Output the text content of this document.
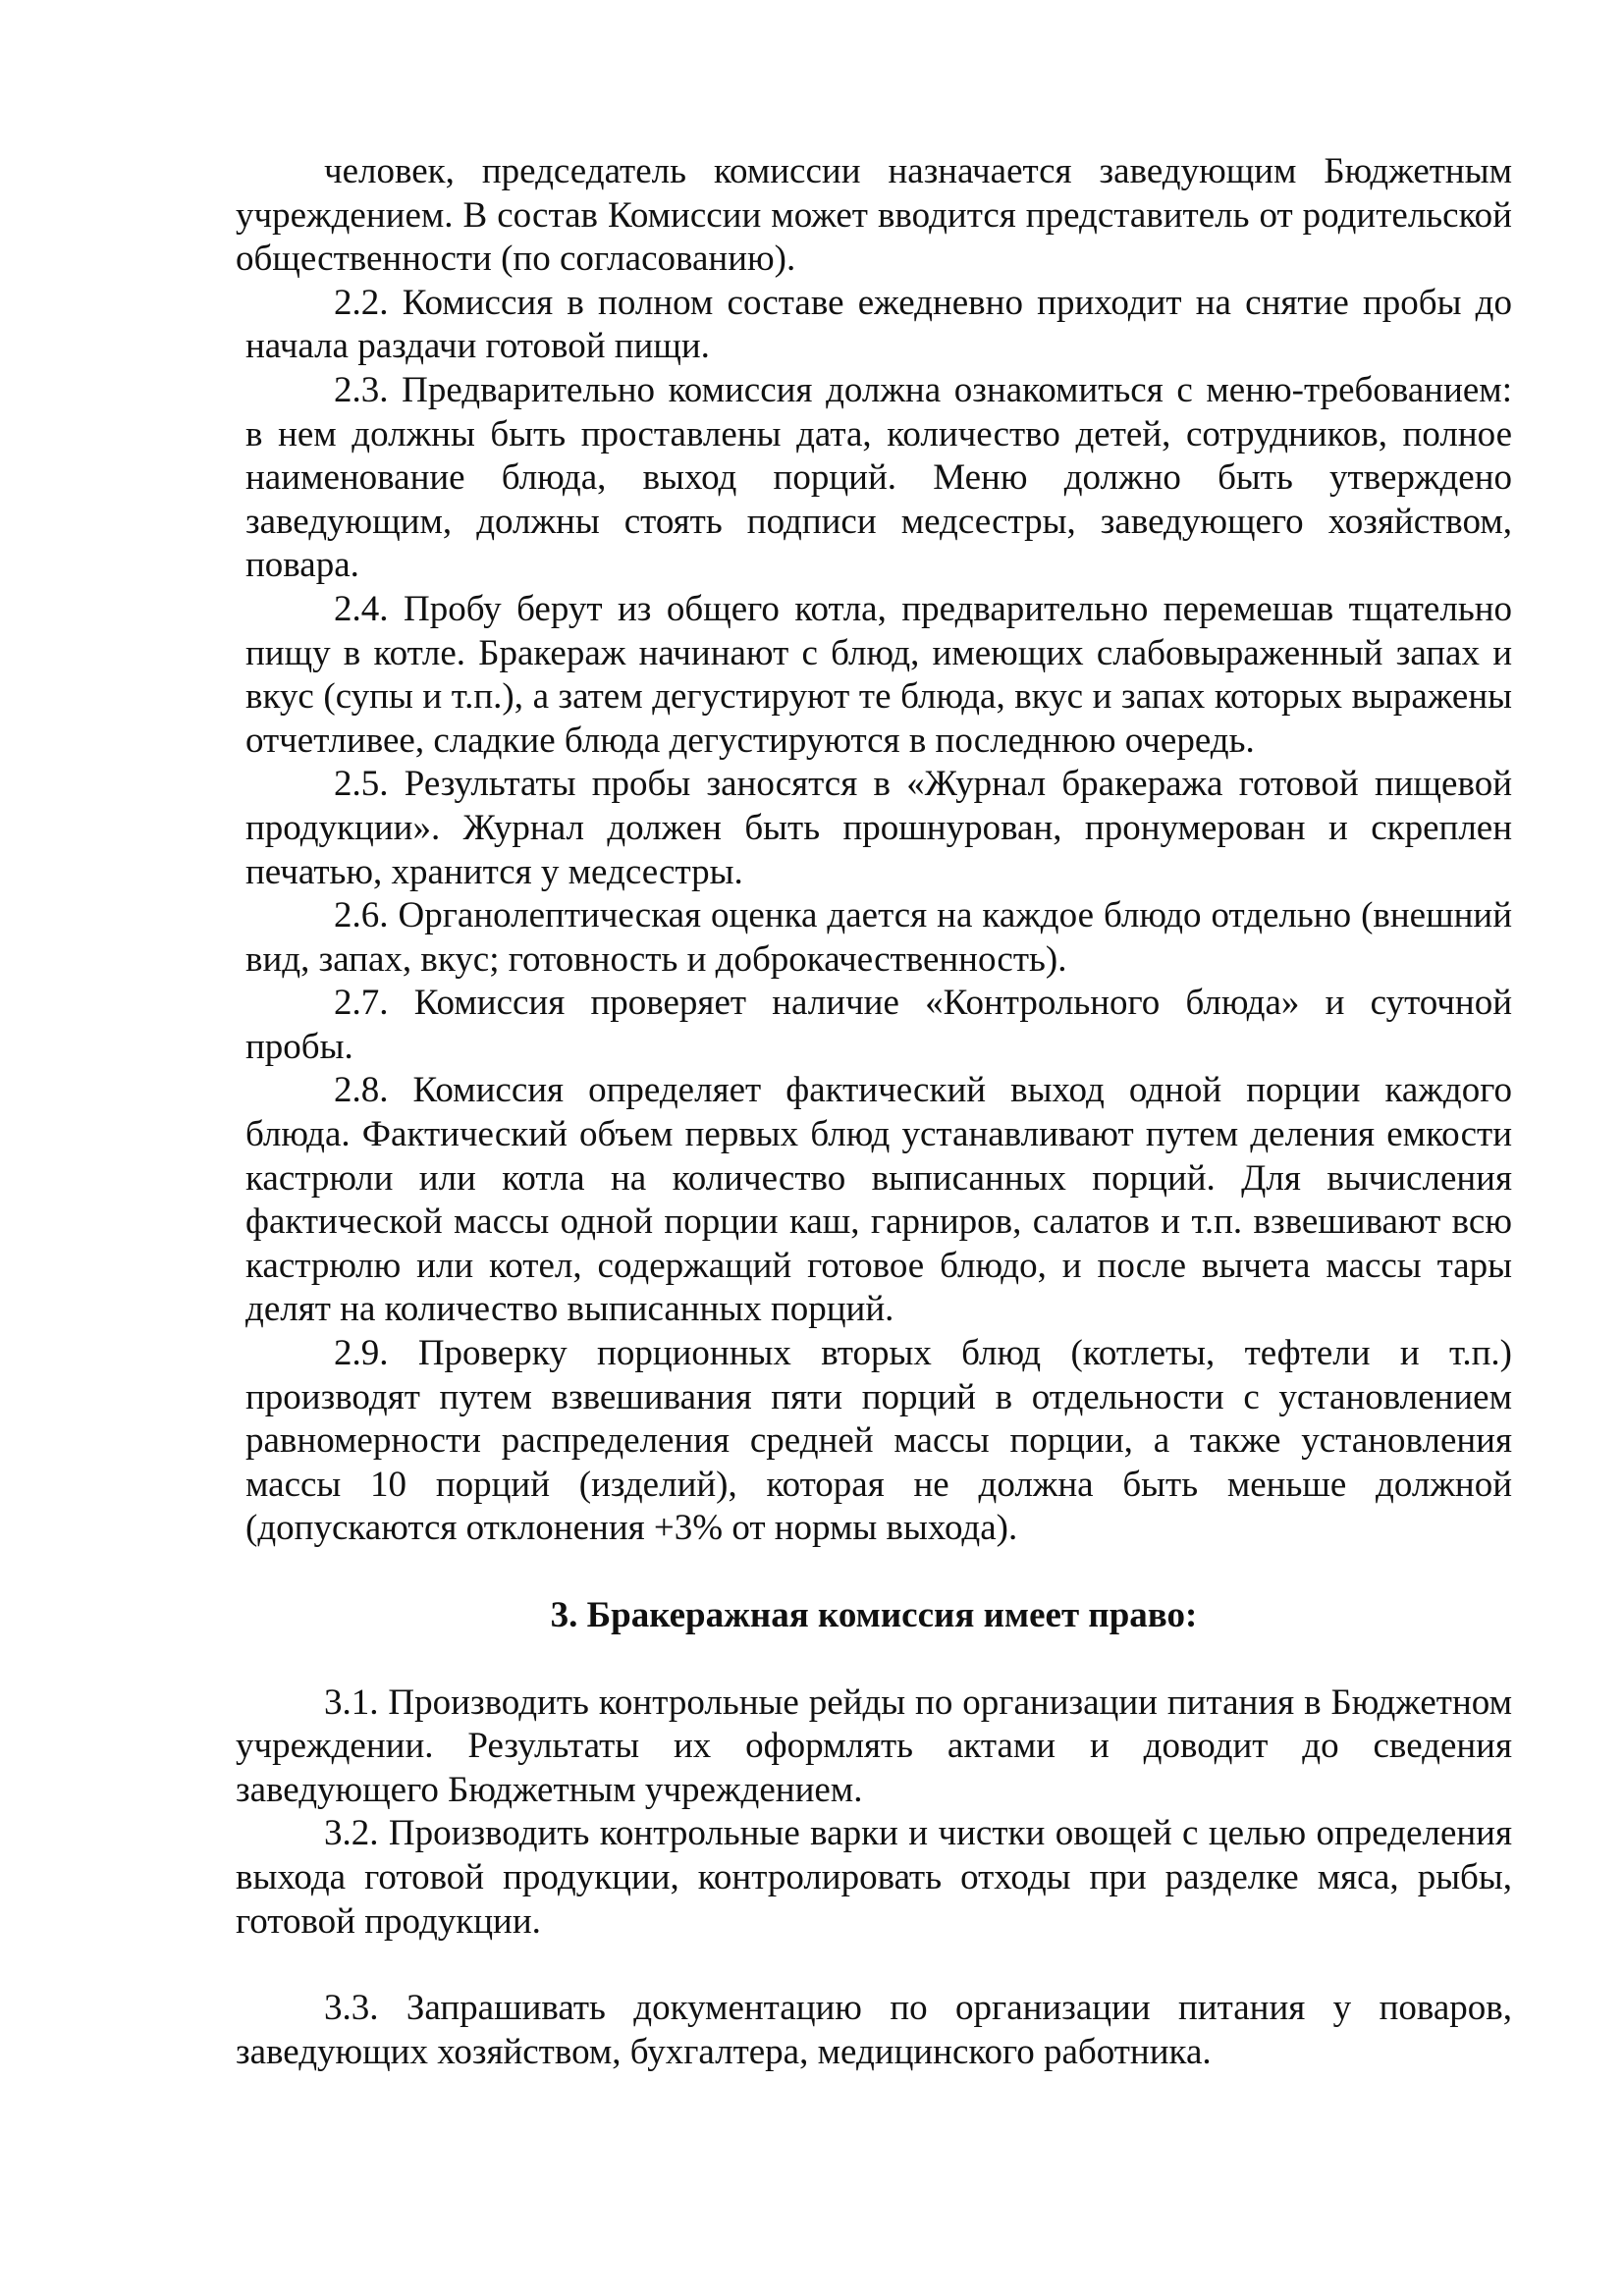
человек, председатель комиссии назначается заведующим Бюджетным учреждением. В состав Комиссии может вводится представитель от родительской общественности (по согласованию).

2.2. Комиссия в полном составе ежедневно приходит на снятие пробы до начала раздачи готовой пищи.

2.3. Предварительно комиссия должна ознакомиться с меню-требованием: в нем должны быть проставлены дата, количество детей, сотрудников, полное наименование блюда, выход порций. Меню должно быть утверждено заведующим, должны стоять подписи медсестры, заведующего хозяйством, повара.

2.4. Пробу берут из общего котла, предварительно перемешав тщательно пищу в котле. Бракераж начинают с блюд, имеющих слабовыраженный запах и вкус (супы и т.п.), а затем дегустируют те блюда, вкус и запах которых выражены отчетливее, сладкие блюда дегустируются в последнюю очередь.

2.5. Результаты пробы заносятся в «Журнал бракеража готовой пищевой продукции». Журнал должен быть прошнурован, пронумерован и скреплен печатью, хранится у медсестры.

2.6. Органолептическая оценка дается на каждое блюдо отдельно (внешний вид, запах, вкус; готовность и доброкачественность).

2.7. Комиссия проверяет наличие «Контрольного блюда» и суточной пробы.

2.8. Комиссия определяет фактический выход одной порции каждого блюда. Фактический объем первых блюд устанавливают путем деления емкости кастрюли или котла на количество выписанных порций. Для вычисления фактической массы одной порции каш, гарниров, салатов и т.п. взвешивают всю кастрюлю или котел, содержащий готовое блюдо, и после вычета массы тары делят на количество выписанных порций.

2.9. Проверку порционных вторых блюд (котлеты, тефтели и т.п.) производят путем взвешивания пяти порций в отдельности с установлением равномерности распределения средней массы порции, а также установления массы 10 порций (изделий), которая не должна быть меньше должной (допускаются отклонения +3% от нормы выхода).

3. Бракеражная комиссия имеет право:

3.1. Производить контрольные рейды по организации питания в Бюджетном учреждении. Результаты их оформлять актами и доводит до сведения заведующего Бюджетным учреждением.

3.2. Производить контрольные варки и чистки овощей с целью определения выхода готовой продукции, контролировать отходы при разделке мяса, рыбы, готовой продукции.

3.3. Запрашивать документацию по организации питания у поваров, заведующих хозяйством, бухгалтера, медицинского работника.
